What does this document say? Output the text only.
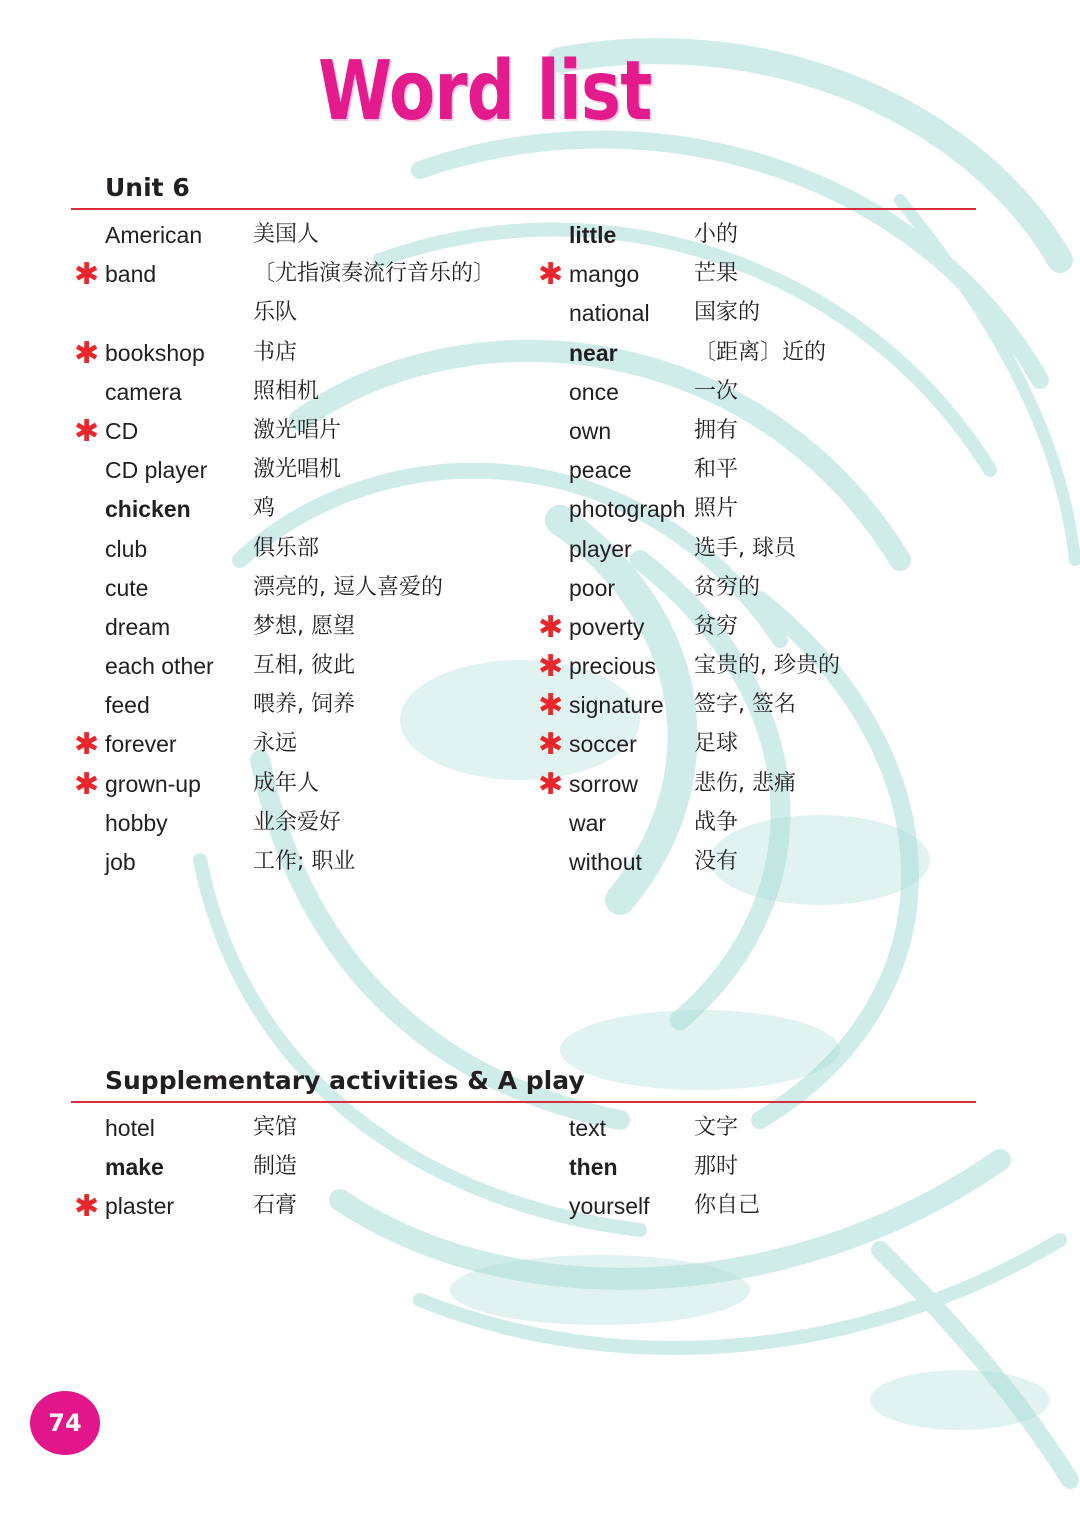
Word list
Unit 6
American 美国人
✱ band	〔尤指演奏流行音乐的〕
乐队
✱ bookshop 书店
camera	照相机
✱ CD	激光唱片
CD player 激光唱机
chicken	鸡
club	俱乐部
cute	漂亮的, 逗人喜爱的
dream	梦想, 愿望
each other 互相, 彼此
feed	喂养, 饲养
✱ forever	永远
✱ grown-up 成年人
hobby	业余爱好
job	工作; 职业
little	小的
✱ mango 芒果
national 国家的
near	〔距离〕近的
once	一次
own	拥有
peace	和平
photograph 照片
player	选手, 球员
poor	贫穷的
✱ poverty 贫穷
✱ precious 宝贵的, 珍贵的
✱ signature 签字, 签名
✱ soccer	足球
✱ sorrow	悲伤, 悲痛
war	战争
without 没有
Supplementary activities & A play
hotel	宾馆
make	制造
✱ plaster	石膏
text	文字
then	那时
yourself 你自己
74
